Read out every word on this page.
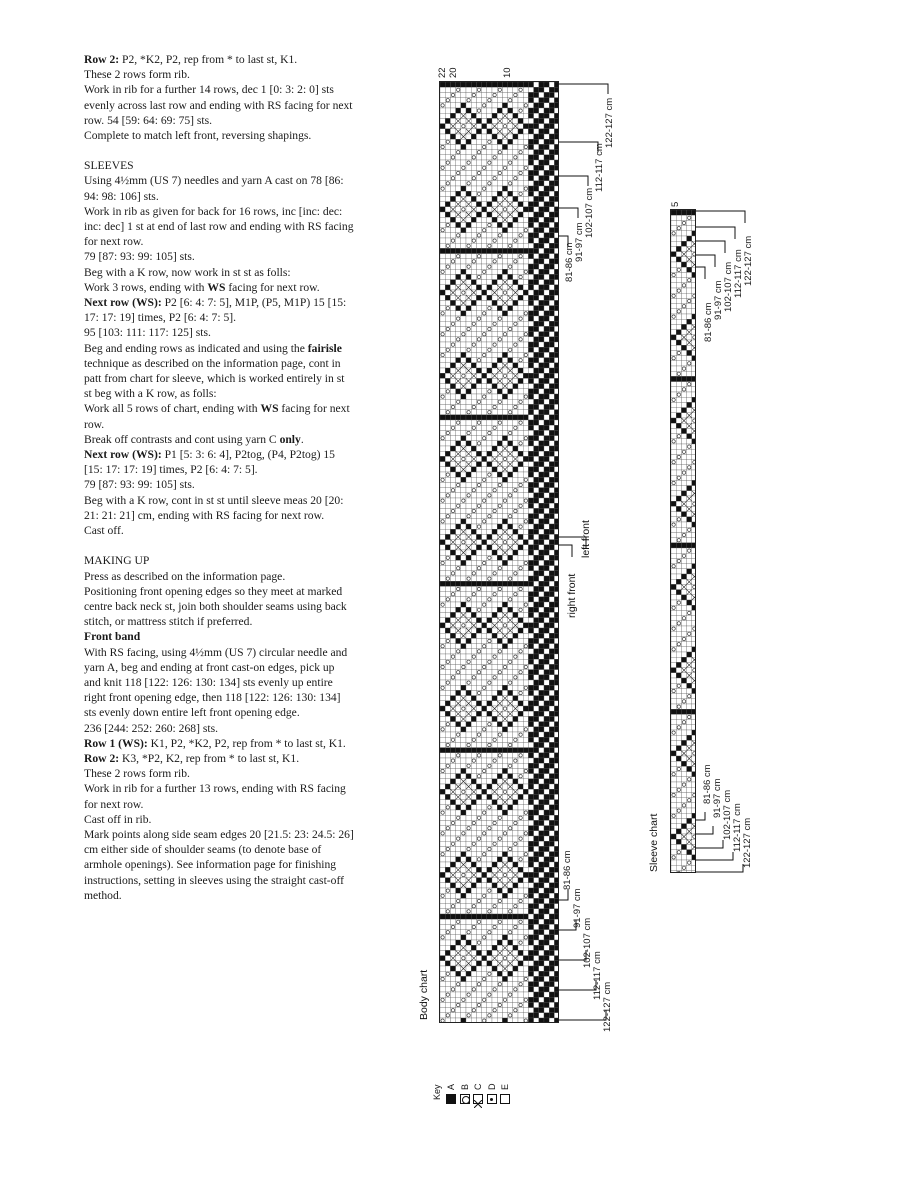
Row 2: P2, *K2, P2, rep from * to last st, K1.

These 2 rows form rib.

Work in rib for a further 14 rows, dec 1 [0: 3: 2: 0] sts evenly across last row and ending with RS facing for next row. 54 [59: 64: 69: 75] sts.

Complete to match left front, reversing shapings.

SLEEVES

Using 4½mm (US 7) needles and yarn A cast on 78 [86: 94: 98: 106] sts.

Work in rib as given for back for 16 rows, inc [inc: dec: inc: dec] 1 st at end of last row and ending with RS facing for next row.

79 [87: 93: 99: 105] sts.

Beg with a K row, now work in st st as folls:

Work 3 rows, ending with WS facing for next row.

Next row (WS): P2 [6: 4: 7: 5], M1P, (P5, M1P) 15 [15: 17: 17: 19] times, P2 [6: 4: 7: 5].

95 [103: 111: 117: 125] sts.

Beg and ending rows as indicated and using the fairisle technique as described on the information page, cont in patt from chart for sleeve, which is worked entirely in st st beg with a K row, as folls:

Work all 5 rows of chart, ending with WS facing for next row.

Break off contrasts and cont using yarn C only.

Next row (WS): P1 [5: 3: 6: 4], P2tog, (P4, P2tog) 15 [15: 17: 17: 19] times, P2 [6: 4: 7: 5].

79 [87: 93: 99: 105] sts.

Beg with a K row, cont in st st until sleeve meas 20 [20: 21: 21: 21] cm, ending with RS facing for next row.

Cast off.

MAKING UP

Press as described on the information page.

Positioning front opening edges so they meet at marked centre back neck st, join both shoulder seams using back stitch, or mattress stitch if preferred.

Front band

With RS facing, using 4½mm (US 7) circular needle and yarn A, beg and ending at front cast-on edges, pick up and knit 118 [122: 126: 130: 134] sts evenly up entire right front opening edge, then 118 [122: 126: 130: 134] sts evenly down entire left front opening edge.

236 [244: 252: 260: 268] sts.

Row 1 (WS): K1, P2, *K2, P2, rep from * to last st, K1.

Row 2: K3, *P2, K2, rep from * to last st, K1.

These 2 rows form rib.

Work in rib for a further 13 rows, ending with RS facing for next row.

Cast off in rib.

Mark points along side seam edges 20 [21.5: 23: 24.5: 26] cm either side of shoulder seams (to denote base of armhole openings). See information page for finishing instructions, setting in sleeves using the straight cast-off method.

Body chart
22 20	10
122-127 cm
112-117 cm
102-107 cm
91-97 cm
81-86 cm
left front
right front
81-86 cm
91-97 cm
102-107 cm
112-117 cm
122-127 cm
Sleeve chart
5
122-127 cm
112-117 cm
102-107 cm
91-97 cm
81-86 cm
81-86 cm 91-97 cm 102-107 cm 112-117 cm 122-127 cm
Key A B C D E
